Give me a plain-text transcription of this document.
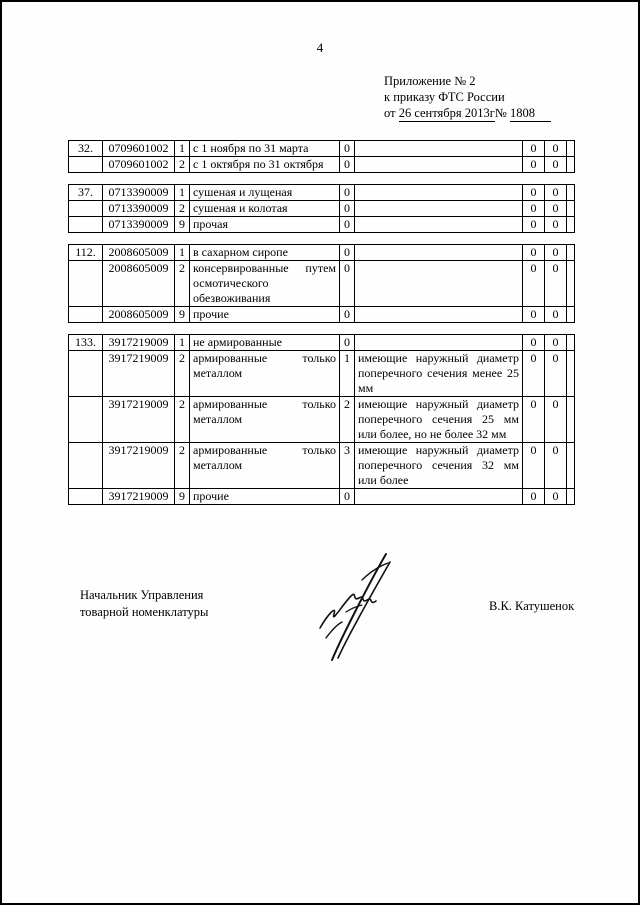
4
Приложение № 2
к приказу ФТС России
от 26 сентября 2013г№ 1808
32.	0709601002	1	с 1 ноября по 31 марта	0		0	0	
	0709601002	2	с 1 октября по 31 октября	0		0	0	
37.	0713390009	1	сушеная и лущеная	0		0	0	
	0713390009	2	сушеная и колотая	0		0	0	
	0713390009	9	прочая	0		0	0	
112.	2008605009	1	в сахарном сиропе	0		0	0	
	2008605009	2	консервированные путем осмотического обезвоживания	0		0	0	
	2008605009	9	прочие	0		0	0	
133.	3917219009	1	не армированные	0		0	0	
	3917219009	2	армированные только металлом	1	имеющие наружный диаметр поперечного сечения менее 25 мм	0	0	
	3917219009	2	армированные только металлом	2	имеющие наружный диаметр поперечного сечения 25 мм или более, но не более 32 мм	0	0	
	3917219009	2	армированные только металлом	3	имеющие наружный диаметр поперечного сечения 32 мм или более	0	0	
	3917219009	9	прочие	0		0	0	
Начальник Управления
товарной номенклатуры	В.К. Катушенок
